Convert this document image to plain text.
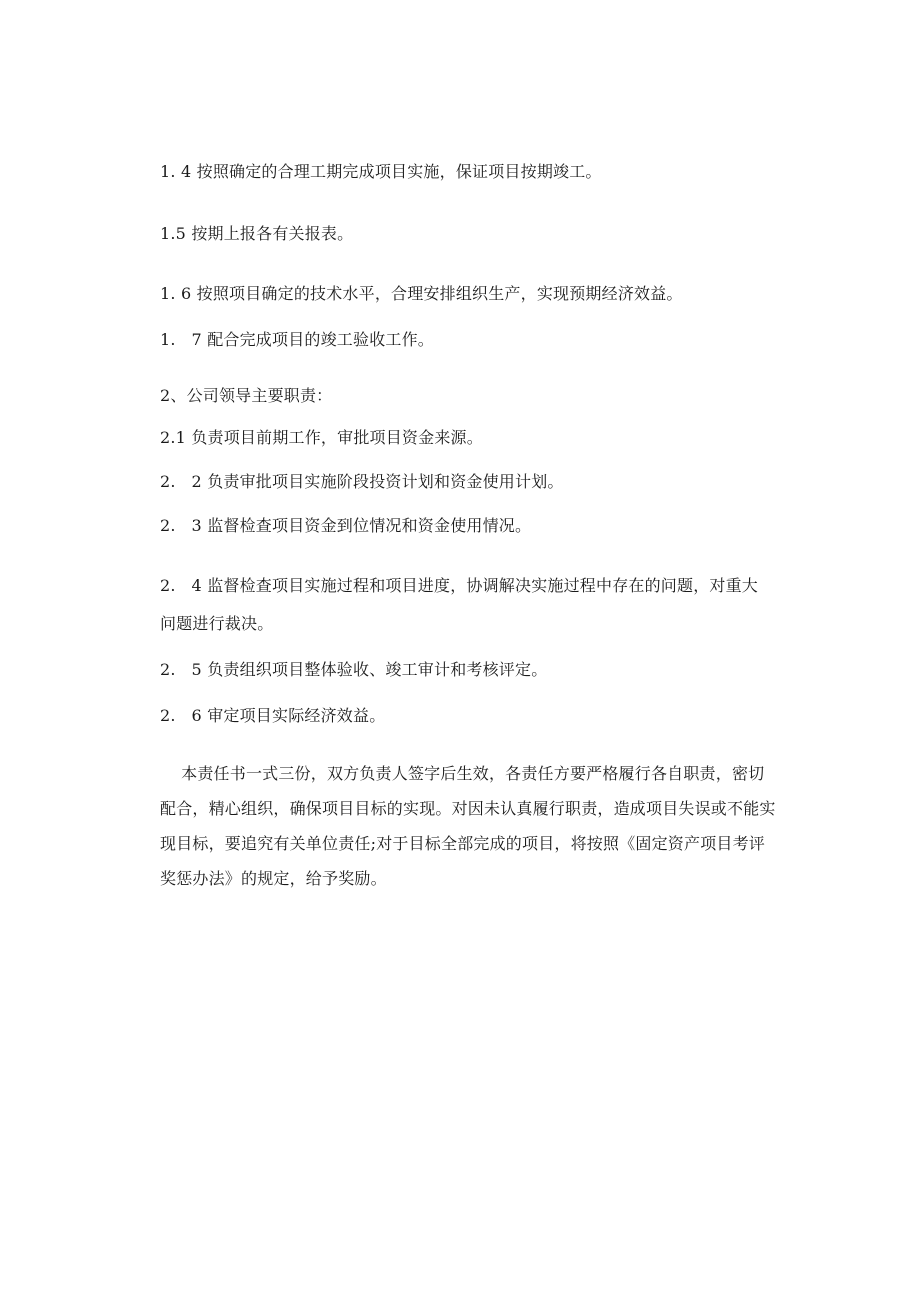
1. 4 按照确定的合理工期完成项目实施，保证项目按期竣工。
1.5 按期上报各有关报表。
1. 6 按照项目确定的技术水平，合理安排组织生产，实现预期经济效益。
1.   7 配合完成项目的竣工验收工作。
2、公司领导主要职责：
2.1 负责项目前期工作，审批项目资金来源。
2.   2 负责审批项目实施阶段投资计划和资金使用计划。
2.   3 监督检查项目资金到位情况和资金使用情况。
2.   4 监督检查项目实施过程和项目进度，协调解决实施过程中存在的问题，对重大
问题进行裁决。
2.   5 负责组织项目整体验收、竣工审计和考核评定。
2.   6 审定项目实际经济效益。
本责任书一式三份，双方负责人签字后生效，各责任方要严格履行各自职责，密切
配合，精心组织，确保项目目标的实现。对因未认真履行职责，造成项目失误或不能实
现目标，要追究有关单位责任;对于目标全部完成的项目，将按照《固定资产项目考评
奖惩办法》的规定，给予奖励。
